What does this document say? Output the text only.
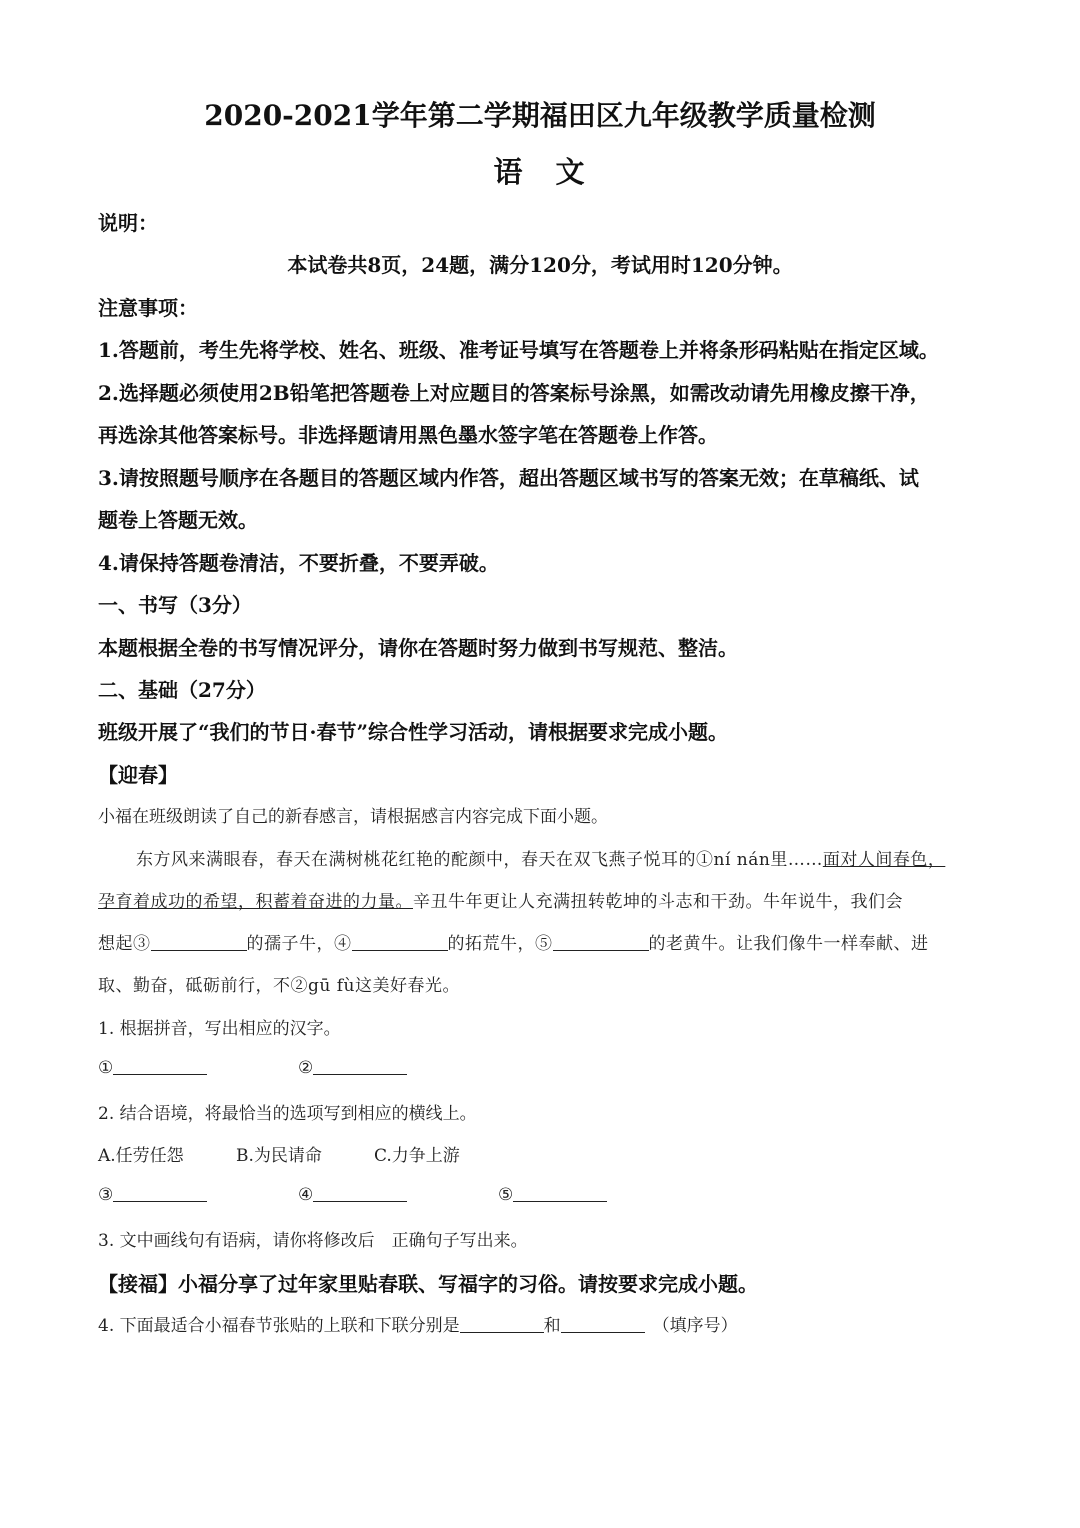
2020-2021学年第二学期福田区九年级教学质量检测
语　文
说明：
本试卷共8页，24题，满分120分，考试用时120分钟。
注意事项：
1.答题前，考生先将学校、姓名、班级、准考证号填写在答题卷上并将条形码粘贴在指定区域。
2.选择题必须使用2B铅笔把答题卷上对应题目的答案标号涂黑，如需改动请先用橡皮擦干净，
再选涂其他答案标号。非选择题请用黑色墨水签字笔在答题卷上作答。
3.请按照题号顺序在各题目的答题区域内作答，超出答题区域书写的答案无效；在草稿纸、试
题卷上答题无效。
4.请保持答题卷清洁，不要折叠，不要弄破。
一、书写（3分）
本题根据全卷的书写情况评分，请你在答题时努力做到书写规范、整洁。
二、基础（27分）
班级开展了“我们的节日·春节”综合性学习活动，请根据要求完成小题。
【迎春】
小福在班级朗读了自己的新春感言，请根据感言内容完成下面小题。
东方风来满眼春，春天在满树桃花红艳的酡颜中，春天在双飞燕子悦耳的①ní nán里……面对人间春色，
孕育着成功的希望，积蓄着奋进的力量。辛丑牛年更让人充满扭转乾坤的斗志和干劲。牛年说牛，我们会
想起③	的孺子牛，④	的拓荒牛，⑤	的老黄牛。让我们像牛一样奉献、进
取、勤奋，砥砺前行，不②gū fù这美好春光。
1. 根据拼音，写出相应的汉字。
①	②
2. 结合语境，将最恰当的选项写到相应的横线上。
A.任劳任怨	B.为民请命	C.力争上游
③	④	⑤
3. 文中画线句有语病，请你将修改后　正确句子写出来。
【接福】小福分享了过年家里贴春联、写福字的习俗。请按要求完成小题。
4. 下面最适合小福春节张贴的上联和下联分别是	和	（填序号）
